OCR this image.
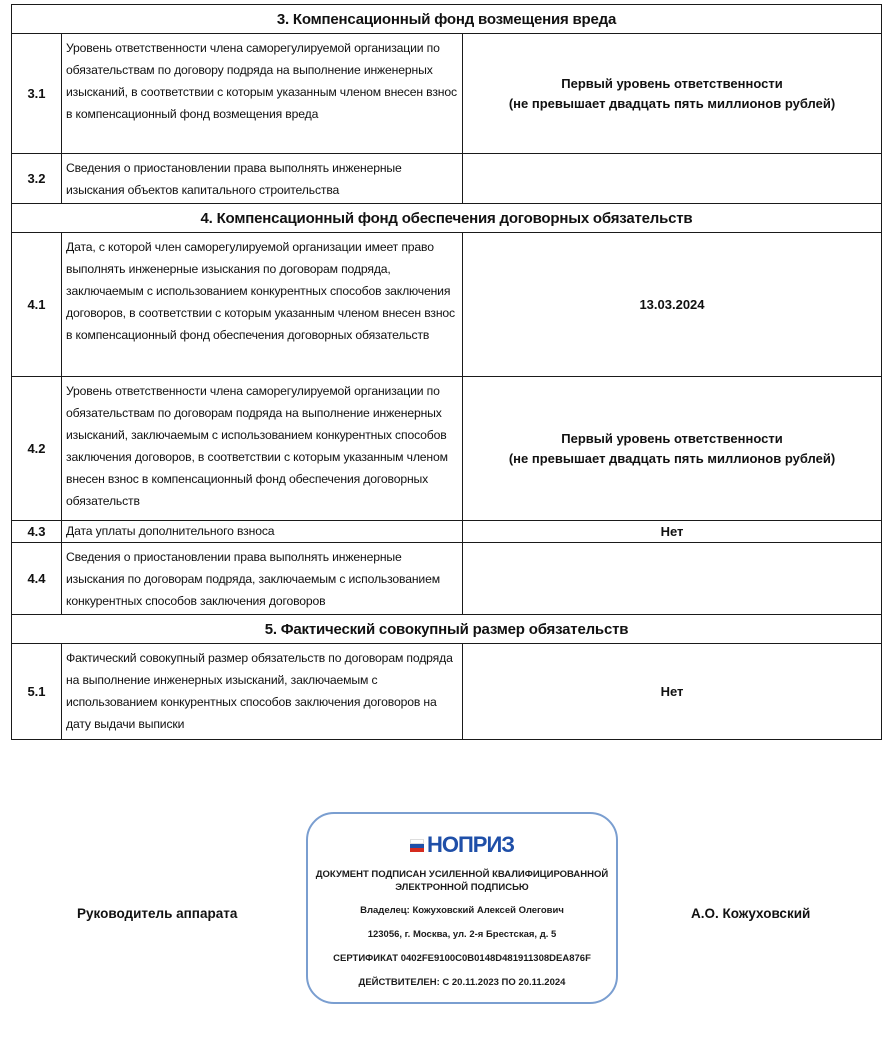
3. Компенсационный фонд возмещения вреда		
3.1	Уровень ответственности члена саморегулируемой организации по обязательствам по договору подряда на выполнение инженерных изысканий, в соответствии с которым указанным членом внесен взнос в компенсационный фонд возмещения вреда	Первый уровень ответственности
(не превышает двадцать пять миллионов рублей)

3.2	Сведения о приостановлении права выполнять инженерные изыскания объектов капитального строительства	
4. Компенсационный фонд обеспечения договорных обязательств		
4.1	Дата, с которой член саморегулируемой организации имеет право выполнять инженерные изыскания по договорам подряда, заключаемым с использованием конкурентных способов заключения договоров, в соответствии с которым указанным членом внесен взнос в компенсационный фонд обеспечения договорных обязательств	13.03.2024

4.2	Уровень ответственности члена саморегулируемой организации по обязательствам по договорам подряда на выполнение инженерных изысканий, заключаемым с использованием конкурентных способов заключения договоров, в соответствии с которым указанным членом внесен взнос в компенсационный фонд обеспечения договорных обязательств	Первый уровень ответственности
(не превышает двадцать пять миллионов рублей)

4.3	Дата уплаты дополнительного взноса	Нет

4.4	Сведения о приостановлении права выполнять инженерные изыскания по договорам подряда, заключаемым с использованием конкурентных способов заключения договоров	
5. Фактический совокупный размер обязательств		
5.1	Фактический совокупный размер обязательств по договорам подряда на выполнение инженерных изысканий, заключаемым с использованием конкурентных способов заключения договоров на дату выдачи выписки	Нет
Руководитель аппарата
НОПРИЗ
ДОКУМЕНТ ПОДПИСАН УСИЛЕННОЙ КВАЛИФИЦИРОВАННОЙ
ЭЛЕКТРОННОЙ ПОДПИСЬЮ
Владелец: Кожуховский Алексей Олегович
123056, г. Москва, ул. 2-я Брестская, д. 5
СЕРТИФИКАТ 0402FE9100C0B0148D481911308DEA876F
ДЕЙСТВИТЕЛЕН: С 20.11.2023 ПО 20.11.2024
А.О. Кожуховский
